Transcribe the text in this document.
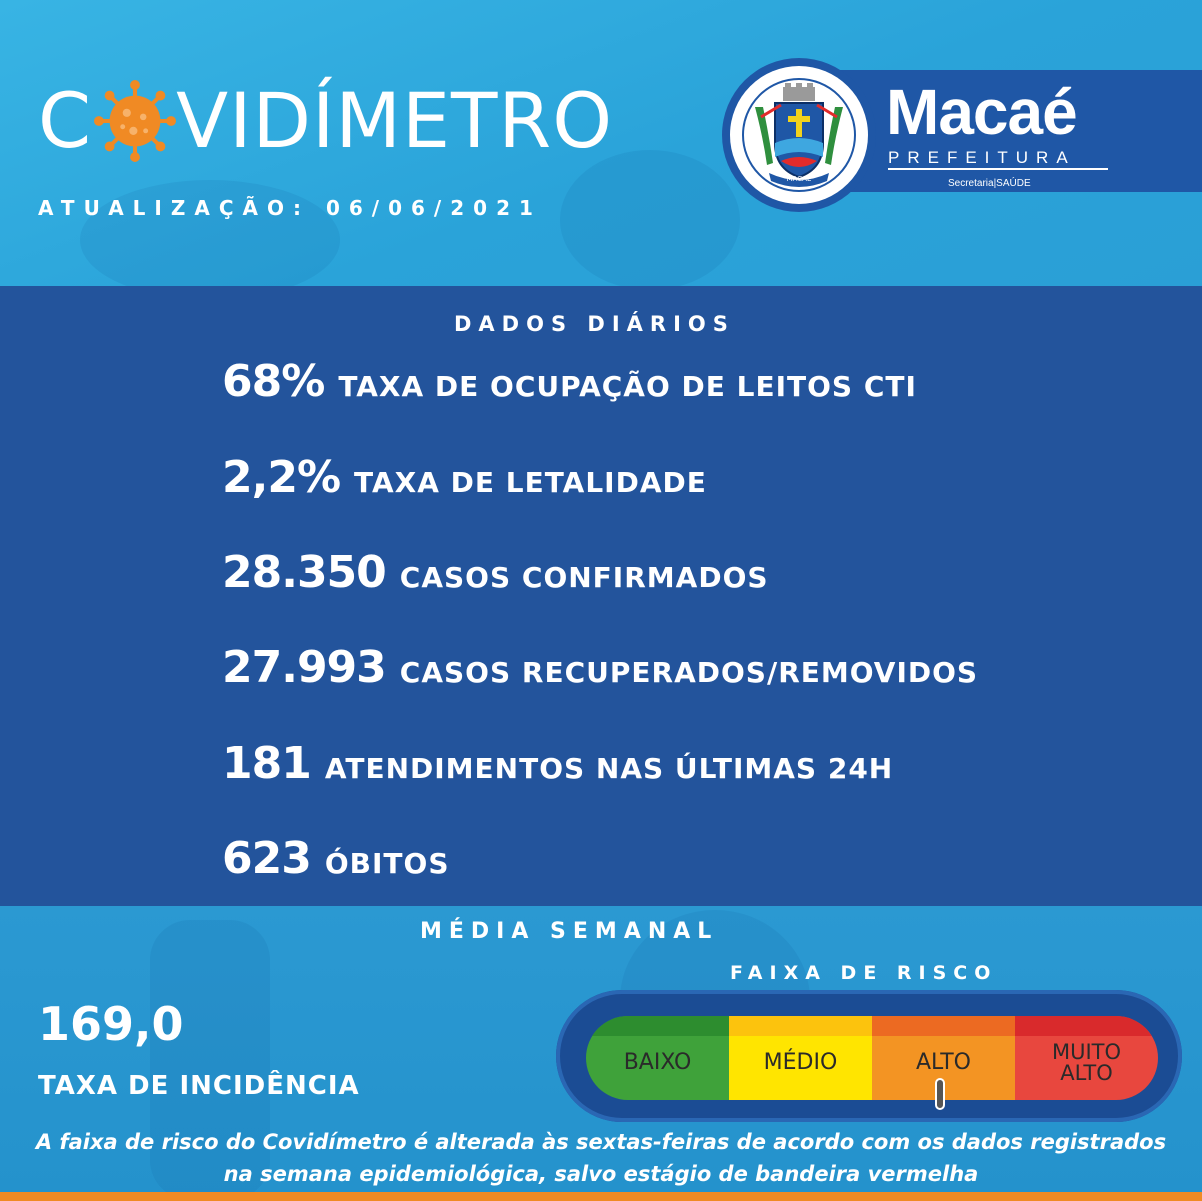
C VIDÍMETRO
ATUALIZAÇÃO: 06/06/2021
MACAÉ
Macaé
PREFEITURA
Secretaria|SAÚDE
DADOS DIÁRIOS
68% TAXA DE OCUPAÇÃO DE LEITOS CTI
2,2% TAXA DE LETALIDADE
28.350 CASOS CONFIRMADOS
27.993 CASOS RECUPERADOS/REMOVIDOS
181 ATENDIMENTOS NAS ÚLTIMAS 24H
623 ÓBITOS
MÉDIA SEMANAL
FAIXA DE RISCO
169,0
TAXA DE INCIDÊNCIA
BAIXO	MÉDIO	ALTO	MUITO ALTO
A faixa de risco do Covidímetro é alterada às sextas-feiras de acordo com os dados registrados na semana epidemiológica, salvo estágio de bandeira vermelha
